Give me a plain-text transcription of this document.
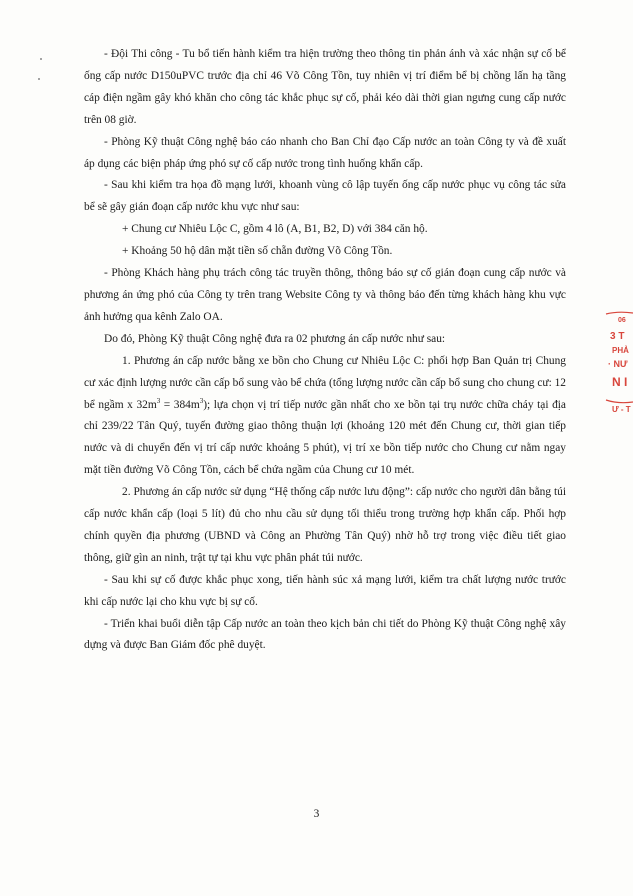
- Đội Thi công - Tu bổ tiến hành kiểm tra hiện trường theo thông tin phản ánh và xác nhận sự cố bể ống cấp nước D150uPVC trước địa chỉ 46 Võ Công Tồn, tuy nhiên vị trí điểm bể bị chồng lấn hạ tầng cáp điện ngầm gây khó khăn cho công tác khắc phục sự cố, phải kéo dài thời gian ngưng cung cấp nước trên 08 giờ.

- Phòng Kỹ thuật Công nghệ báo cáo nhanh cho Ban Chỉ đạo Cấp nước an toàn Công ty và đề xuất áp dụng các biện pháp ứng phó sự cố cấp nước trong tình huống khẩn cấp.

- Sau khi kiểm tra họa đồ mạng lưới, khoanh vùng cô lập tuyến ống cấp nước phục vụ công tác sửa bể sẽ gây gián đoạn cấp nước khu vực như sau:

+ Chung cư Nhiêu Lộc C, gồm 4 lô (A, B1, B2, D) với 384 căn hộ.

+ Khoảng 50 hộ dân mặt tiền số chẵn đường Võ Công Tồn.

- Phòng Khách hàng phụ trách công tác truyền thông, thông báo sự cố gián đoạn cung cấp nước và phương án ứng phó của Công ty trên trang Website Công ty và thông báo đến từng khách hàng khu vực ảnh hưởng qua kênh Zalo OA.

Do đó, Phòng Kỹ thuật Công nghệ đưa ra 02 phương án cấp nước như sau:

1. Phương án cấp nước bằng xe bồn cho Chung cư Nhiêu Lộc C: phối hợp Ban Quản trị Chung cư xác định lượng nước cần cấp bổ sung vào bể chứa (tổng lượng nước cần cấp bổ sung cho chung cư: 12 bể ngầm x $32m^3 = 384m^3$); lựa chọn vị trí tiếp nước gần nhất cho xe bồn tại trụ nước chữa cháy tại địa chỉ 239/22 Tân Quý, tuyến đường giao thông thuận lợi (khoảng 120 mét đến Chung cư, thời gian tiếp nước và di chuyển đến vị trí cấp nước khoảng 5 phút), vị trí xe bồn tiếp nước cho Chung cư nằm ngay mặt tiền đường Võ Công Tồn, cách bể chứa ngầm của Chung cư 10 mét.

2. Phương án cấp nước sử dụng “Hệ thống cấp nước lưu động”: cấp nước cho người dân bằng túi cấp nước khẩn cấp (loại 5 lít) đủ cho nhu cầu sử dụng tối thiểu trong trường hợp khẩn cấp. Phối hợp chính quyền địa phương (UBND và Công an Phường Tân Quý) nhờ hỗ trợ trong việc điều tiết giao thông, giữ gìn an ninh, trật tự tại khu vực phân phát túi nước.

- Sau khi sự cố được khắc phục xong, tiến hành súc xả mạng lưới, kiểm tra chất lượng nước trước khi cấp nước lại cho khu vực bị sự cố.

- Triển khai buổi diễn tập Cấp nước an toàn theo kịch bản chi tiết do Phòng Kỹ thuật Công nghệ xây dựng và được Ban Giám đốc phê duyệt.

3
06
3 T
PHẢ
· NƯ
N I
Ư - T
